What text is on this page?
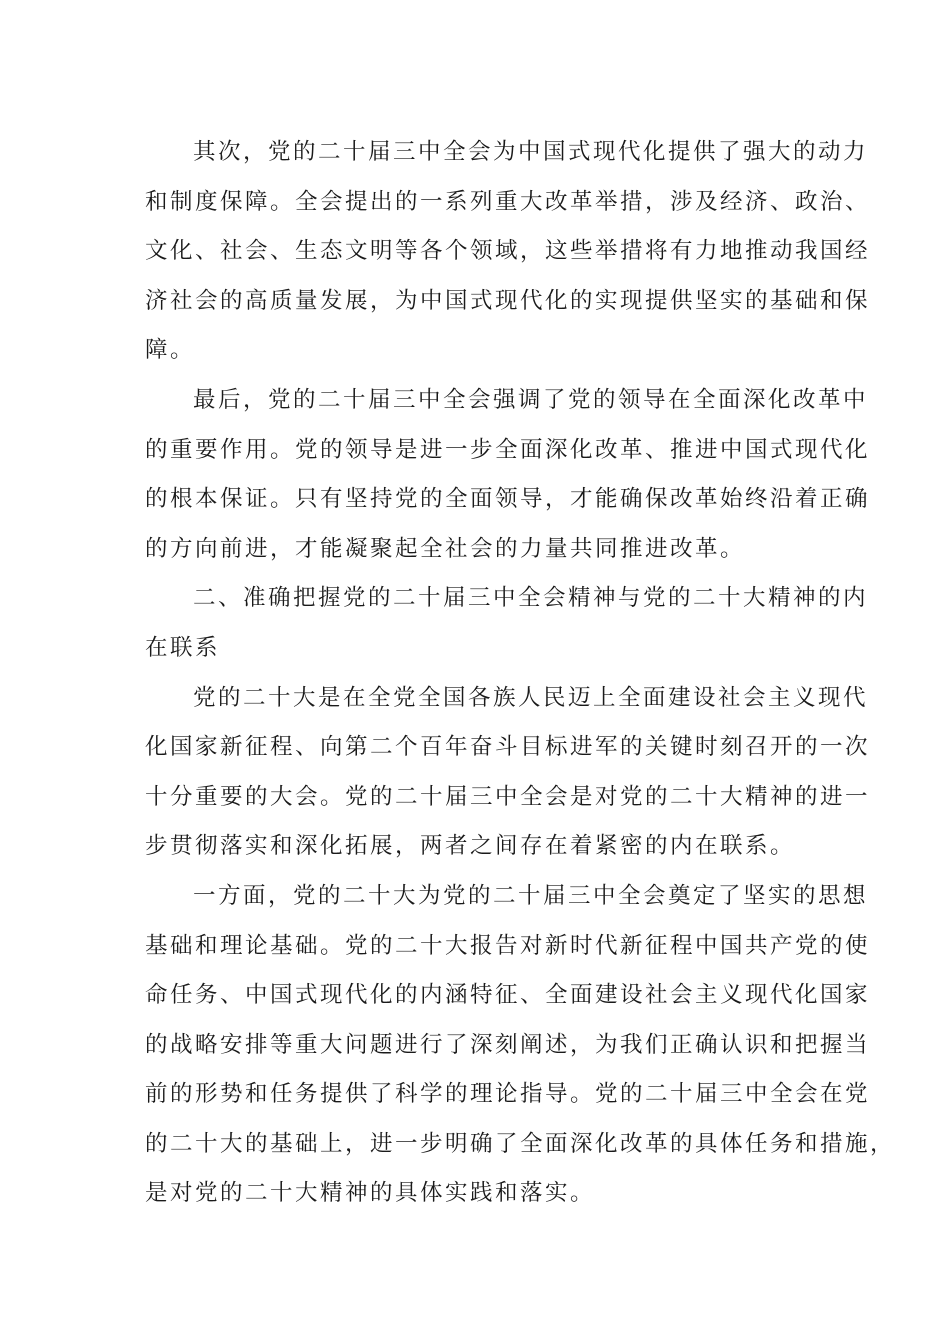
其次，党的二十届三中全会为中国式现代化提供了强大的动力
和制度保障。全会提出的一系列重大改革举措，涉及经济、政治、
文化、社会、生态文明等各个领域，这些举措将有力地推动我国经
济社会的高质量发展，为中国式现代化的实现提供坚实的基础和保
障。
最后，党的二十届三中全会强调了党的领导在全面深化改革中
的重要作用。党的领导是进一步全面深化改革、推进中国式现代化
的根本保证。只有坚持党的全面领导，才能确保改革始终沿着正确
的方向前进，才能凝聚起全社会的力量共同推进改革。
二、准确把握党的二十届三中全会精神与党的二十大精神的内
在联系
党的二十大是在全党全国各族人民迈上全面建设社会主义现代
化国家新征程、向第二个百年奋斗目标进军的关键时刻召开的一次
十分重要的大会。党的二十届三中全会是对党的二十大精神的进一
步贯彻落实和深化拓展，两者之间存在着紧密的内在联系。
一方面，党的二十大为党的二十届三中全会奠定了坚实的思想
基础和理论基础。党的二十大报告对新时代新征程中国共产党的使
命任务、中国式现代化的内涵特征、全面建设社会主义现代化国家
的战略安排等重大问题进行了深刻阐述，为我们正确认识和把握当
前的形势和任务提供了科学的理论指导。党的二十届三中全会在党
的二十大的基础上，进一步明确了全面深化改革的具体任务和措施，
是对党的二十大精神的具体实践和落实。
